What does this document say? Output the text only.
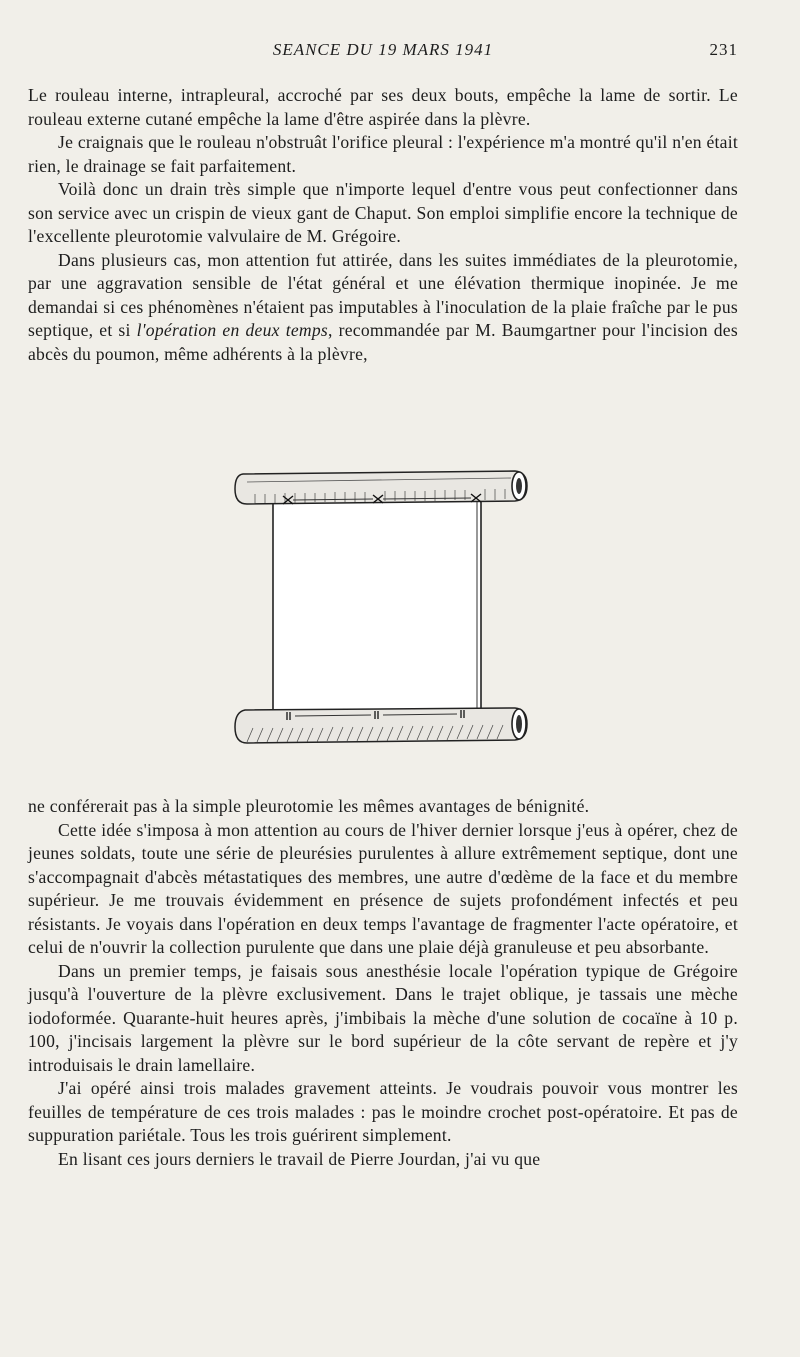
SEANCE DU 19 MARS 1941	231

Le rouleau interne, intrapleural, accroché par ses deux bouts, empêche la lame de sortir. Le rouleau externe cutané empêche la lame d'être aspirée dans la plèvre.

Je craignais que le rouleau n'obstruât l'orifice pleural : l'expérience m'a montré qu'il n'en était rien, le drainage se fait parfaitement.

Voilà donc un drain très simple que n'importe lequel d'entre vous peut confectionner dans son service avec un crispin de vieux gant de Chaput. Son emploi simplifie encore la technique de l'excellente pleurotomie valvulaire de M. Grégoire.

Dans plusieurs cas, mon attention fut attirée, dans les suites immédiates de la pleurotomie, par une aggravation sensible de l'état général et une élévation thermique inopinée. Je me demandai si ces phénomènes n'étaient pas imputables à l'inoculation de la plaie fraîche par le pus septique, et si l'opération en deux temps, recommandée par M. Baumgartner pour l'incision des abcès du poumon, même adhérents à la plèvre,

ne conférerait pas à la simple pleurotomie les mêmes avantages de bénignité.

Cette idée s'imposa à mon attention au cours de l'hiver dernier lorsque j'eus à opérer, chez de jeunes soldats, toute une série de pleurésies purulentes à allure extrêmement septique, dont une s'accompagnait d'abcès métastatiques des membres, une autre d'œdème de la face et du membre supérieur. Je me trouvais évidemment en présence de sujets profondément infectés et peu résistants. Je voyais dans l'opération en deux temps l'avantage de fragmenter l'acte opératoire, et celui de n'ouvrir la collection purulente que dans une plaie déjà granuleuse et peu absorbante.

Dans un premier temps, je faisais sous anesthésie locale l'opération typique de Grégoire jusqu'à l'ouverture de la plèvre exclusivement. Dans le trajet oblique, je tassais une mèche iodoformée. Quarante-huit heures après, j'imbibais la mèche d'une solution de cocaïne à 10 p. 100, j'incisais largement la plèvre sur le bord supérieur de la côte servant de repère et j'y introduisais le drain lamellaire.

J'ai opéré ainsi trois malades gravement atteints. Je voudrais pouvoir vous montrer les feuilles de température de ces trois malades : pas le moindre crochet post-opératoire. Et pas de suppuration pariétale. Tous les trois guérirent simplement.

En lisant ces jours derniers le travail de Pierre Jourdan, j'ai vu que
